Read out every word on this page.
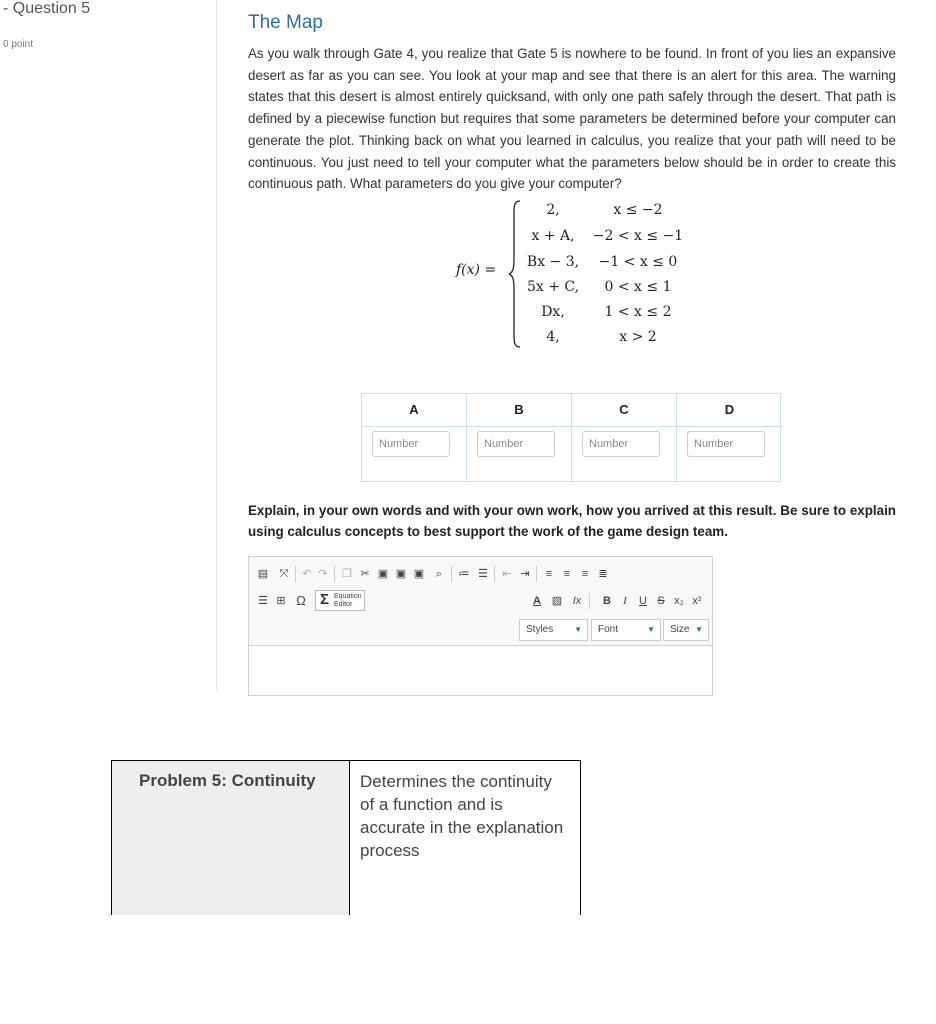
- Question 5
0 point
The Map
As you walk through Gate 4, you realize that Gate 5 is nowhere to be found. In front of you lies an expansive desert as far as you can see. You look at your map and see that there is an alert for this area. The warning states that this desert is almost entirely quicksand, with only one path safely through the desert. That path is defined by a piecewise function but requires that some parameters be determined before your computer can generate the plot. Thinking back on what you learned in calculus, you realize that your path will need to be continuous. You just need to tell your computer what the parameters below should be in order to create this continuous path. What parameters do you give your computer?
f(x) =
2,	x ≤ −2
x + A,	−2 < x ≤ −1
Bx − 3,	−1 < x ≤ 0
5x + C,	0 < x ≤ 1
Dx,	1 < x ≤ 2
4,	x > 2
A
Number	B
Number	C
Number	D
Number
Explain, in your own words and with your own work, how you arrived at this result. Be sure to explain using calculus concepts to best support the work of the game design team.
▤	⤧	↶ ↷	❐ ✂ ▣ ▣ ▣	⌕	≔ ☰	⇤ ⇥	≡	≡	≡ ≣
☰ ⊞ Ω Σ Equation
Editor	A ▨ Ix	B	I	U S x₂ x²
Styles	▼	Font	▼	Size ▼
Problem 5: Continuity	Determines the continuity of a function and is accurate in the explanation process
